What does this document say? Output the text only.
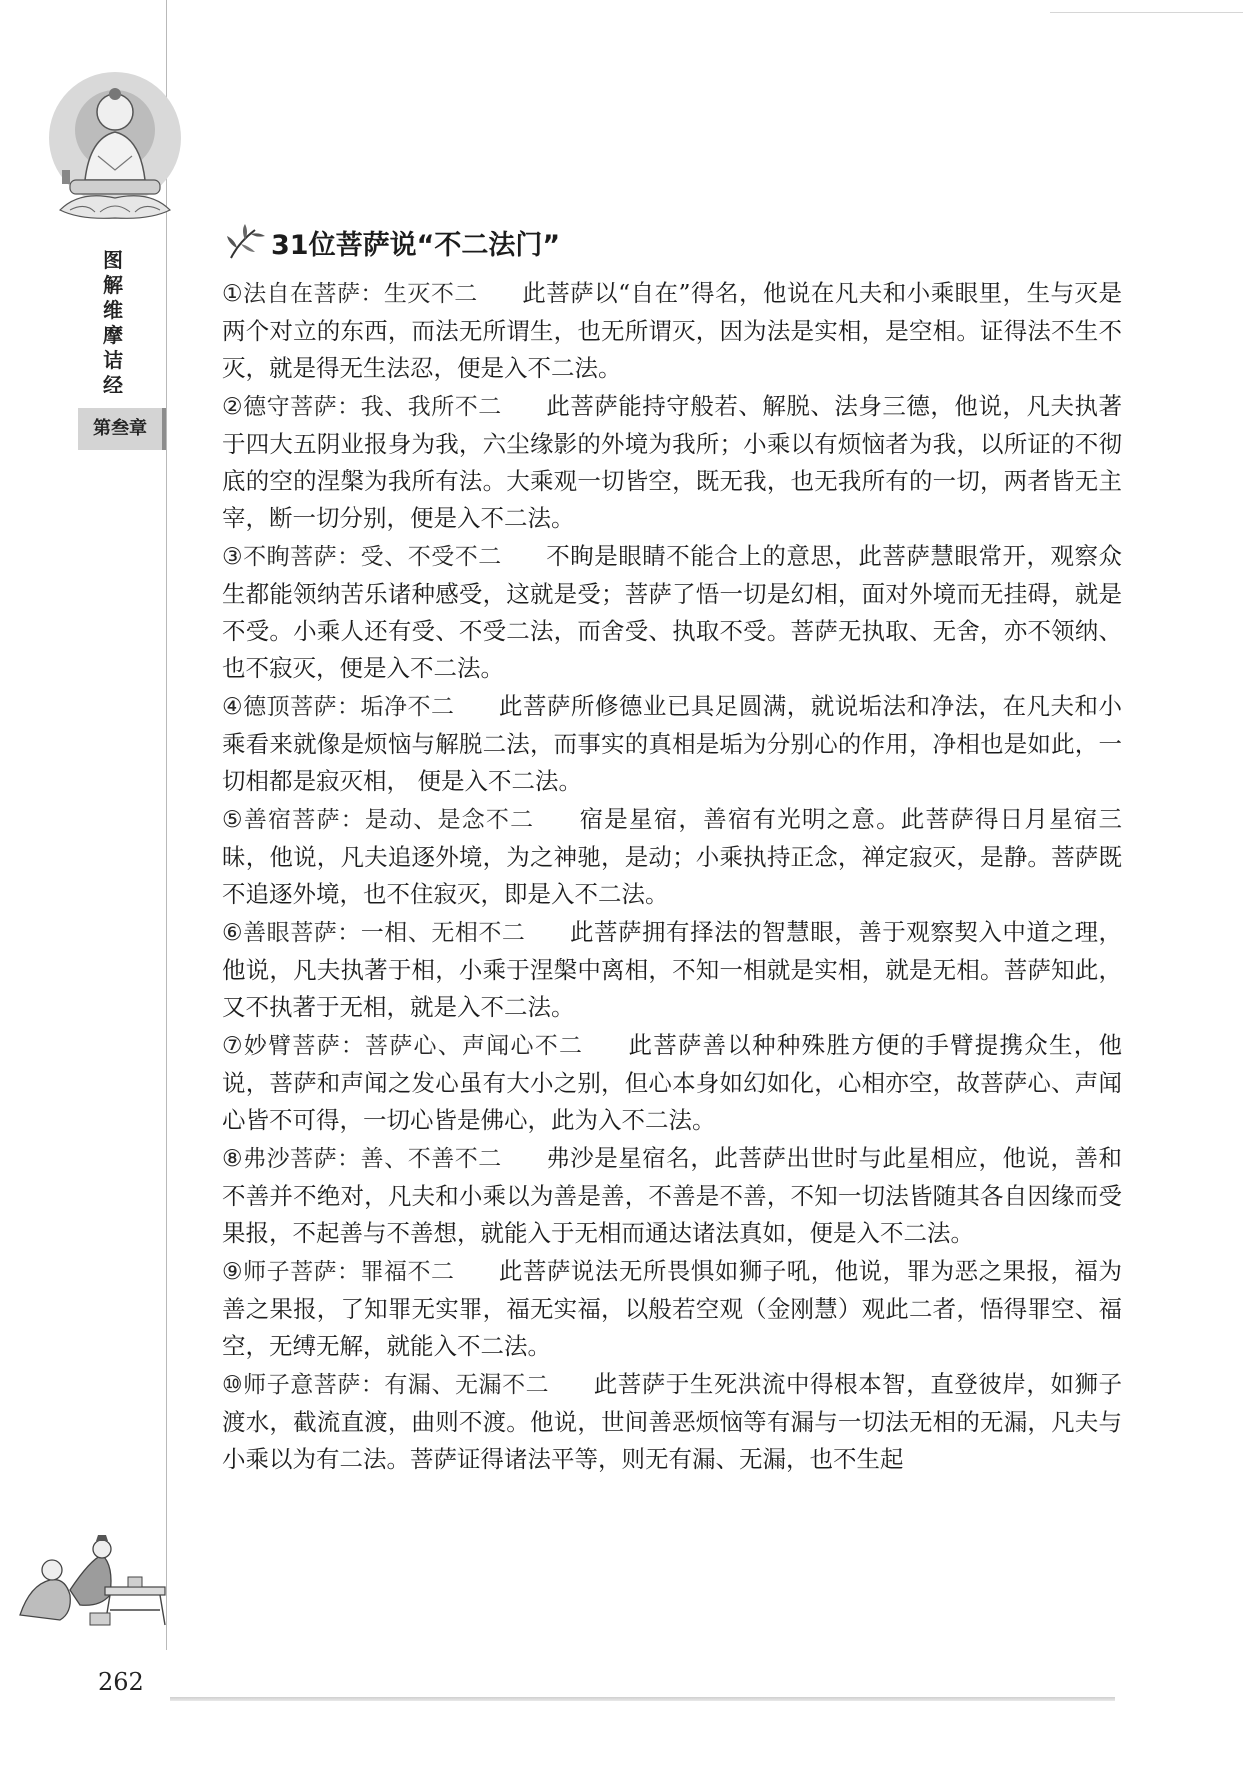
图
解
维
摩
诘
经
第叁章
31位菩萨说“不二法门”

①法自在菩萨：生灭不二 此菩萨以“自在”得名，他说在凡夫和小乘眼里，生与灭是两个对立的东西，而法无所谓生，也无所谓灭，因为法是实相，是空相。证得法不生不灭，就是得无生法忍，便是入不二法。

②德守菩萨：我、我所不二 此菩萨能持守般若、解脱、法身三德，他说，凡夫执著于四大五阴业报身为我，六尘缘影的外境为我所；小乘以有烦恼者为我，以所证的不彻底的空的涅槃为我所有法。大乘观一切皆空，既无我，也无我所有的一切，两者皆无主宰，断一切分别，便是入不二法。

③不眴菩萨：受、不受不二 不眴是眼睛不能合上的意思，此菩萨慧眼常开，观察众生都能领纳苦乐诸种感受，这就是受；菩萨了悟一切是幻相，面对外境而无挂碍，就是不受。小乘人还有受、不受二法，而舍受、执取不受。菩萨无执取、无舍，亦不领纳、也不寂灭，便是入不二法。

④德顶菩萨：垢净不二 此菩萨所修德业已具足圆满，就说垢法和净法，在凡夫和小乘看来就像是烦恼与解脱二法，而事实的真相是垢为分别心的作用，净相也是如此，一切相都是寂灭相， 便是入不二法。

⑤善宿菩萨：是动、是念不二 宿是星宿，善宿有光明之意。此菩萨得日月星宿三昧，他说，凡夫追逐外境，为之神驰，是动；小乘执持正念，禅定寂灭，是静。菩萨既不追逐外境，也不住寂灭，即是入不二法。

⑥善眼菩萨：一相、无相不二 此菩萨拥有择法的智慧眼，善于观察契入中道之理，他说，凡夫执著于相，小乘于涅槃中离相，不知一相就是实相，就是无相。菩萨知此，又不执著于无相，就是入不二法。

⑦妙臂菩萨：菩萨心、声闻心不二 此菩萨善以种种殊胜方便的手臂提携众生，他说，菩萨和声闻之发心虽有大小之别，但心本身如幻如化，心相亦空，故菩萨心、声闻心皆不可得，一切心皆是佛心，此为入不二法。

⑧弗沙菩萨：善、不善不二 弗沙是星宿名，此菩萨出世时与此星相应，他说，善和不善并不绝对，凡夫和小乘以为善是善，不善是不善，不知一切法皆随其各自因缘而受果报，不起善与不善想，就能入于无相而通达诸法真如，便是入不二法。

⑨师子菩萨：罪福不二 此菩萨说法无所畏惧如狮子吼，他说，罪为恶之果报，福为善之果报，了知罪无实罪，福无实福，以般若空观（金刚慧）观此二者，悟得罪空、福空，无缚无解，就能入不二法。

⑩师子意菩萨：有漏、无漏不二 此菩萨于生死洪流中得根本智，直登彼岸，如狮子渡水，截流直渡，曲则不渡。他说，世间善恶烦恼等有漏与一切法无相的无漏，凡夫与小乘以为有二法。菩萨证得诸法平等，则无有漏、无漏，也不生起

262
